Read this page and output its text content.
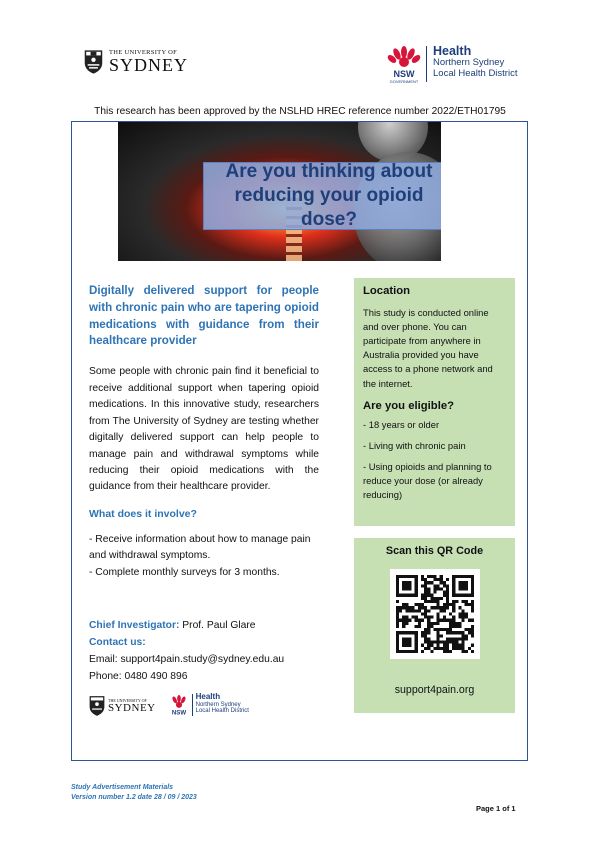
THE UNIVERSITY OF
SYDNEY	NSW
GOVERNMENT
Health
Northern Sydney
Local Health District
This research has been approved by the NSLHD HREC reference number 2022/ETH01795
Are you thinking about reducing your opioid dose?

Digitally delivered support for people with chronic pain who are tapering opioid medications with guidance from their healthcare provider

Some people with chronic pain find it beneficial to receive additional support when tapering opioid medications. In this innovative study, researchers from The University of Sydney are testing whether digitally delivered support can help people to manage pain and withdrawal symptoms while reducing their opioid medications with the guidance from their healthcare provider.

What does it involve?

- Receive information about how to manage pain and withdrawal symptoms.
- Complete monthly surveys for 3 months.
Chief Investigator: Prof. Paul Glare
Contact us:
Email: support4pain.study@sydney.edu.au
Phone: 0480 490 896
THE UNIVERSITY OF
SYDNEY NSW
Health
Northern Sydney
Local Health District

Location

This study is conducted online and over phone. You can participate from anywhere in Australia provided you have access to a phone network and the internet.

Are you eligible?

- 18 years or older
- Living with chronic pain
- Using opioids and planning to reduce your dose (or already reducing)

Scan this QR Code

support4pain.org

Study Advertisement Materials
Version number 1.2 date 28 / 09 / 2023
Page 1 of 1
